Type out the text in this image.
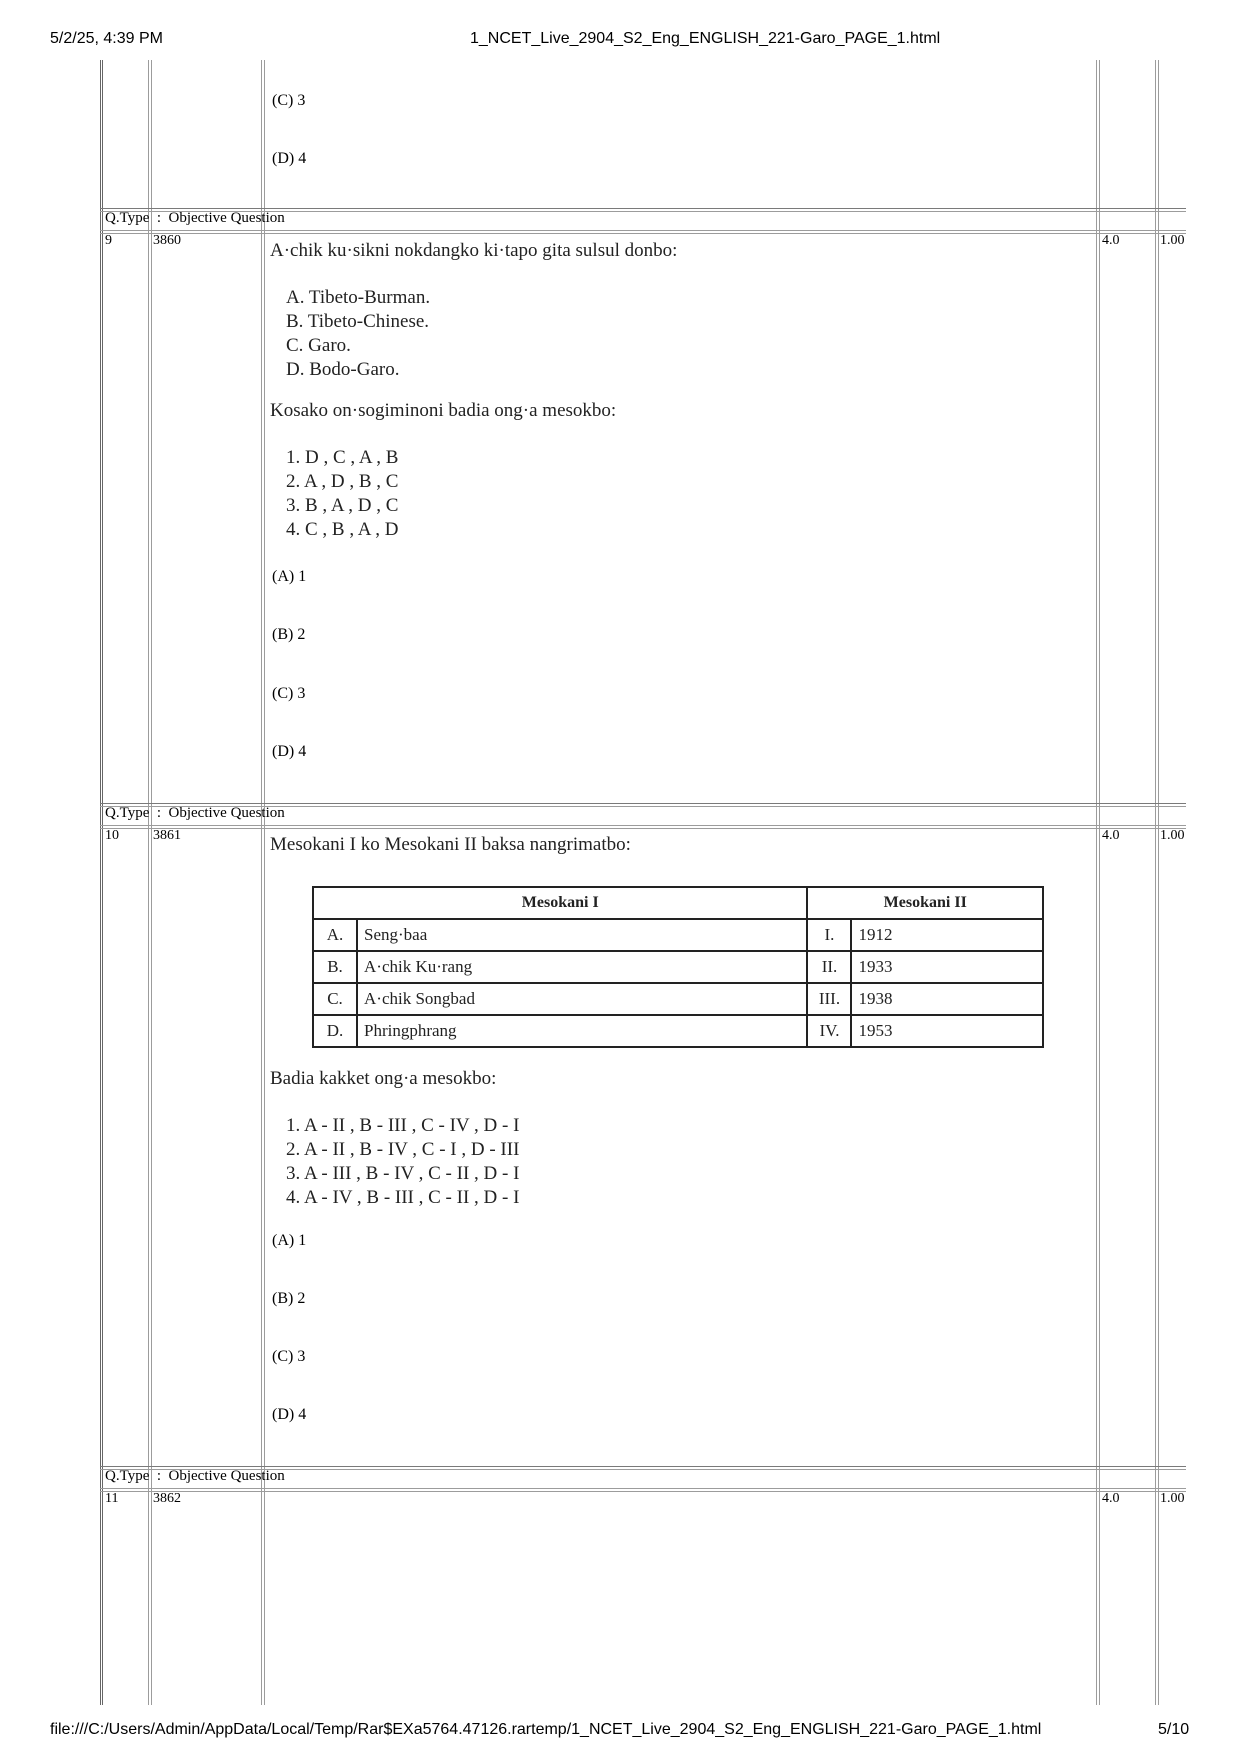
5/2/25, 4:39 PM	1_NCET_Live_2904_S2_Eng_ENGLISH_221-Garo_PAGE_1.html
(C) 3
(D) 4
Q.Type  :  Objective Question
9	3860	4.0	1.00
A·chik ku·sikni nokdangko ki·tapo gita sulsul donbo:
A. Tibeto-Burman.
B. Tibeto-Chinese.
C. Garo.
D. Bodo-Garo.
Kosako on·sogiminoni badia ong·a mesokbo:
1. D , C , A , B
2. A , D , B , C
3. B , A , D , C
4. C , B , A , D
(A) 1
(B) 2
(C) 3
(D) 4
Q.Type  :  Objective Question
10 3861	4.0	1.00
Mesokani I ko Mesokani II baksa nangrimatbo:
Mesokani I		Mesokani II	
A.	Seng·baa	I.	1912
B.	A·chik Ku·rang	II.	1933
C.	A·chik Songbad	III.	1938
D.	Phringphrang	IV.	1953
Badia kakket ong·a mesokbo:
1. A - II , B - III , C - IV , D - I
2. A - II , B - IV , C - I , D - III
3. A - III , B - IV , C - II , D - I
4. A - IV , B - III , C - II , D - I
(A) 1
(B) 2
(C) 3
(D) 4
Q.Type  :  Objective Question
11 3862	4.0	1.00
file:///C:/Users/Admin/AppData/Local/Temp/Rar$EXa5764.47126.rartemp/1_NCET_Live_2904_S2_Eng_ENGLISH_221-Garo_PAGE_1.html	5/10
